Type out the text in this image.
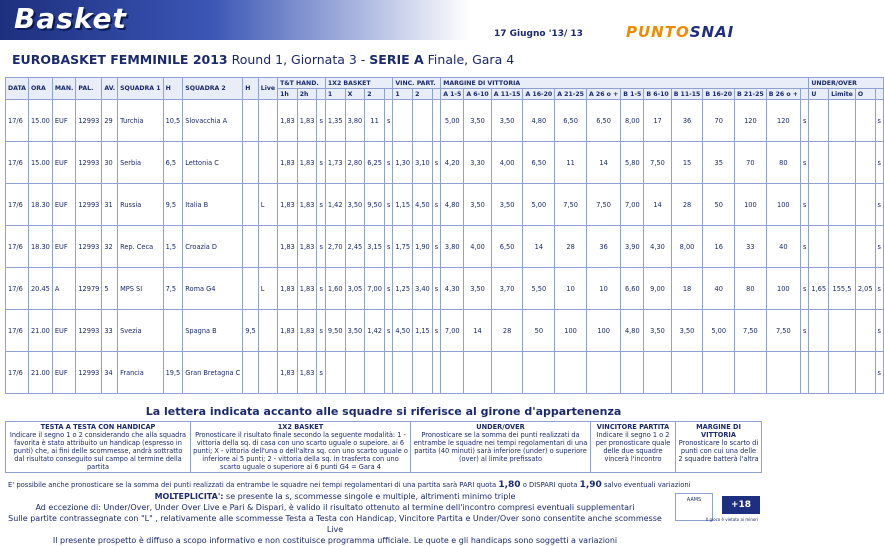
Basket	17 Giugno '13/ 13	PUNTOSNAI
EUROBASKET FEMMINILE 2013 Round 1, Giornata 3 - SERIE A Finale, Gara 4
DATA	ORA	MAN.	PAL.	AV.	SQUADRA 1	H	SQUADRA 2	H	Live	T&T HAND.			1X2 BASKET				VINC. PART.			MARGINE DI VITTORIA													UNDER/OVER			
										1h	2h		1	X	2		1	2		A 1-5	A 6-10	A 11-15	A 16-20	A 21-25	A 26 o +	B 1-5	B 6-10	B 11-15	B 16-20	B 21-25	B 26 o +		U	Limite	O	
17/6	15.00	EUF	12993	29	Turchia	10,5	Slovacchia A			1,83	1,83	s	1,35	3,80	11	s				5,00	3,50	3,50	4,80	6,50	6,50	8,00	17	36	70	120	120	s				s
17/6	15.00	EUF	12993	30	Serbia	6,5	Lettonia C			1,83	1,83	s	1,73	2,80	6,25	s	1,30	3,10	s	4,20	3,30	4,00	6,50	11	14	5,80	7,50	15	35	70	80	s				s
17/6	18.30	EUF	12993	31	Russia	9,5	Italia B		L	1,83	1,83	s	1,42	3,50	9,50	s	1,15	4,50	s	4,80	3,50	3,50	5,00	7,50	7,50	7,00	14	28	50	100	100	s				s
17/6	18.30	EUF	12993	32	Rep. Ceca	1,5	Croazia D			1,83	1,83	s	2,70	2,45	3,15	s	1,75	1,90	s	3,80	4,00	6,50	14	28	36	3,90	4,30	8,00	16	33	40	s				s
17/6	20.45	A	12979	5	MPS SI	7,5	Roma G4		L	1,83	1,83	s	1,60	3,05	7,00	s	1,25	3,40	s	4,30	3,50	3,70	5,50	10	10	6,60	9,00	18	40	80	100	s	1,65	155,5	2,05	s
17/6	21.00	EUF	12993	33	Svezia		Spagna B	9,5		1,83	1,83	s	9,50	3,50	1,42	s	4,50	1,15	s	7,00	14	28	50	100	100	4,80	3,50	3,50	5,00	7,50	7,50	s				s
17/6	21.00	EUF	12993	34	Francia	19,5	Gran Bretagna C			1,83	1,83	s																								s
La lettera indicata accanto alle squadre si riferisce al girone d'appartenenza
TESTA A TESTA CON HANDICAP
Indicare il segno 1 o 2 considerando che alla squadra favorita è stato attribuito un handicap (espresso in punti) che, ai fini delle scommesse, andrà sottratto dal risultato conseguito sul campo al termine della partita

1X2 BASKET
Pronosticare il risultato finale secondo la seguente modalità: 1 - vittoria della sq. di casa con uno scarto uguale o supeiore. ai 6 punti; X - vittoria dell'una o dell'altra sq. con uno scarto uguale o inferiore ai 5 punti; 2 - vittoria della sq. in trasferta con uno scarto uguale o superiore ai 6 punti G4 = Gara 4

UNDER/OVER
Pronosticare se la somma dei punti realizzati da entrambe le squadre nei tempi regolamentari di una partita (40 minuti) sarà inferiore (under) o superiore (over) al limite prefissato

VINCITORE PARTITA
Indicare il segno 1 o 2 per pronosticare quale delle due squadre vincerà l'incontro

MARGINE DI VITTORIA
Pronosticare lo scarto di punti con cui una delle 2 squadre batterà l'altra
E' possibile anche pronosticare se la somma dei punti realizzati da entrambe le squadre nei tempi regolamentari di una partita sarà PARI quota 1,80 o DISPARI quota 1,90 salvo eventuali variazioni
MOLTEPLICITA': se presente la s, scommesse singole e multiple, altrimenti minimo triple
Ad eccezione di: Under/Over, Under Over Live e Pari & Dispari, è valido il risultato ottenuto al termine dell'incontro compresi eventuali supplementari
Sulle partite contrassegnate con "L" , relativamente alle scommesse Testa a Testa con Handicap, Vincitore Partita e Under/Over sono consentite anche scommesse Live
Il presente prospetto è diffuso a scopo informativo e non costituisce programma ufficiale. Le quote e gli handicaps sono soggetti a variazioni
AAMS	+18
Il gioco è vietato ai minori
